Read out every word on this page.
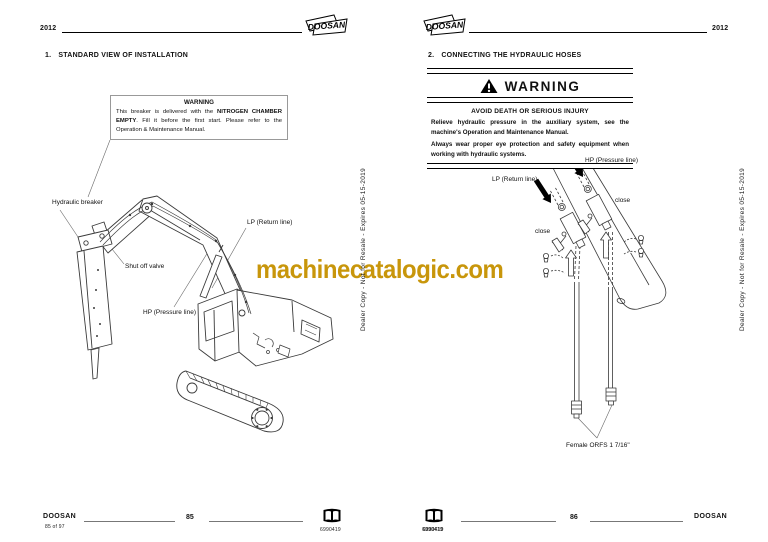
2012	DOOSAN
1. STANDARD VIEW OF INSTALLATION
WARNING

This breaker is delivered with the NITROGEN CHAMBER EMPTY. Fill it before the first start. Please refer to the Operation & Maintenance Manual.

Hydraulic breaker
LP (Return line)
Shut off valve
HP (Pressure line)
DOOSAN
85 of 97
85
6990419
DOOSAN	2012
2. CONNECTING THE HYDRAULIC HOSES
WARNING
AVOID DEATH OR SERIOUS INJURY

Relieve hydraulic pressure in the auxiliary system, see the machine's Operation and Maintenance Manual.

Always wear proper eye protection and safety equipment when working with hydraulic systems.

HP (Pressure line)
LP (Return line)
close
close
Female ORFS 1 7/16"
6990419
86	DOOSAN
machinecatalogic.com
Dealer Copy - Not for Resale - Expires 05-15-2019	Dealer Copy - Not for Resale - Expires 05-15-2019
